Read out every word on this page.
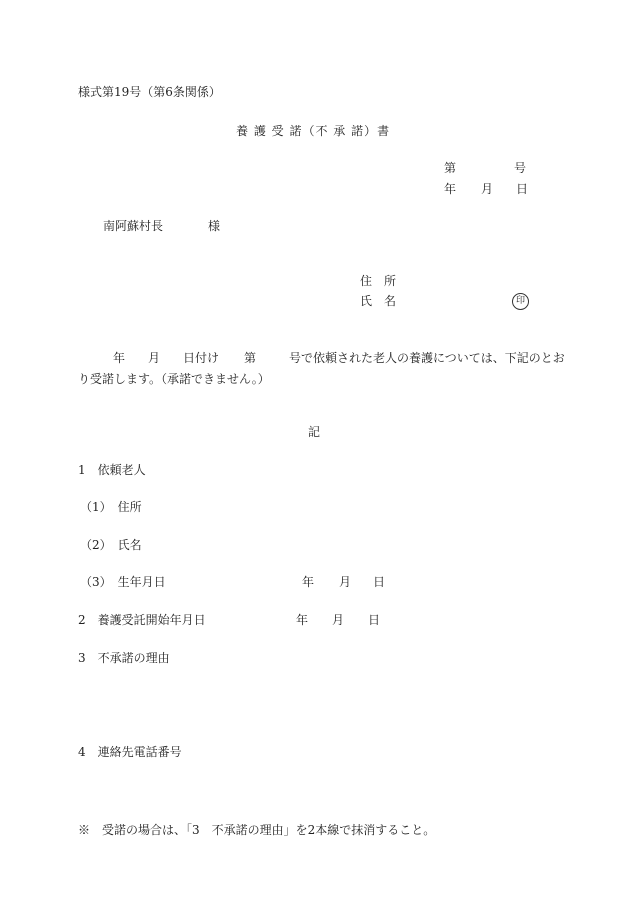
様式第19号（第6条関係）
養 護 受 諾（不 承 諾）書
第	号
年 月 日
南阿蘇村長	様
住　所
氏　名	印
年 月 日付け 第	号で依頼された老人の養護については、下記のとお
り受諾します。（承諾できません。）
記
1　依頼老人
（1）　住所
（2）　氏名
（3）　生年月日	年 月 日
2　養護受託開始年月日	年 月 日
3　不承諾の理由
4　連絡先電話番号
※　受諾の場合は、「3　不承諾の理由」を2本線で抹消すること。
